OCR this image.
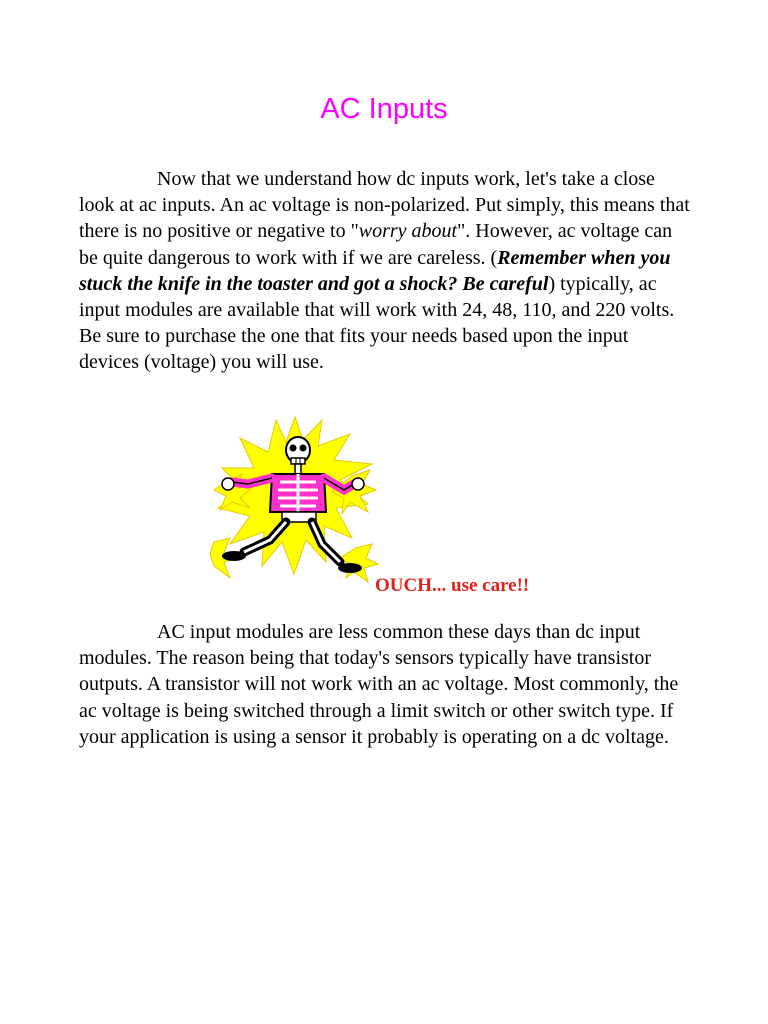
AC Inputs

Now that we understand how dc inputs work, let's take a close look at ac inputs. An ac voltage is non-polarized. Put simply, this means that there is no positive or negative to "worry about". However, ac voltage can be quite dangerous to work with if we are careless. (Remember when you stuck the knife in the toaster and got a shock? Be careful) typically, ac input modules are available that will work with 24, 48, 110, and 220 volts. Be sure to purchase the one that fits your needs based upon the input devices (voltage) you will use.

OUCH... use care!!

AC input modules are less common these days than dc input modules. The reason being that today's sensors typically have transistor outputs. A transistor will not work with an ac voltage. Most commonly, the ac voltage is being switched through a limit switch or other switch type. If your application is using a sensor it probably is operating on a dc voltage.
